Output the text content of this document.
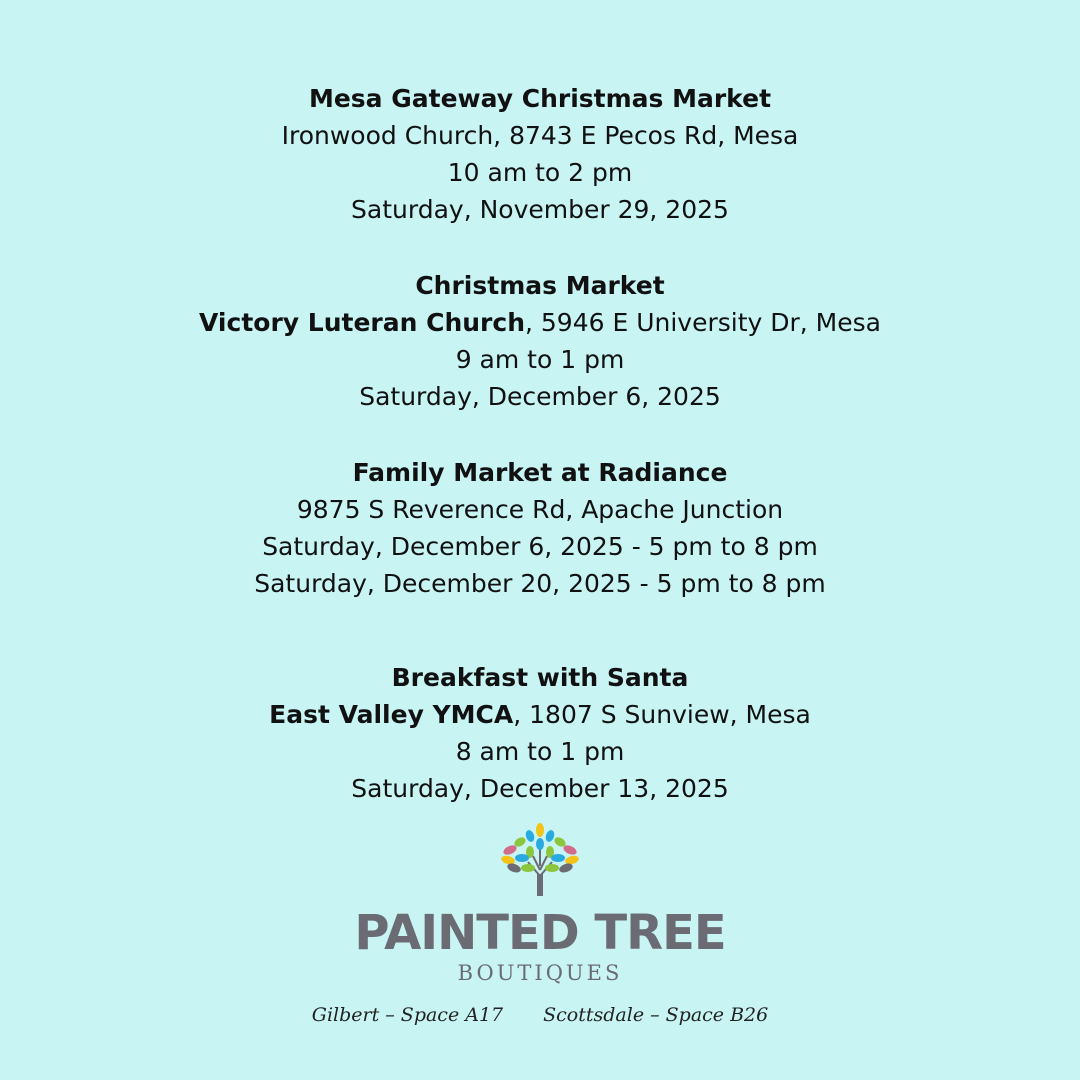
Mesa Gateway Christmas Market
Ironwood Church, 8743 E Pecos Rd, Mesa
10 am to 2 pm
Saturday, November 29, 2025
Christmas Market
Victory Luteran Church, 5946 E University Dr, Mesa
9 am to 1 pm
Saturday, December 6, 2025
Family Market at Radiance
9875 S Reverence Rd, Apache Junction
Saturday, December 6, 2025 - 5 pm to 8 pm
Saturday, December 20, 2025 - 5 pm to 8 pm
Breakfast with Santa
East Valley YMCA, 1807 S Sunview, Mesa
8 am to 1 pm
Saturday, December 13, 2025
PAINTED TREE
BOUTIQUES
Gilbert – Space A17 Scottsdale – Space B26
